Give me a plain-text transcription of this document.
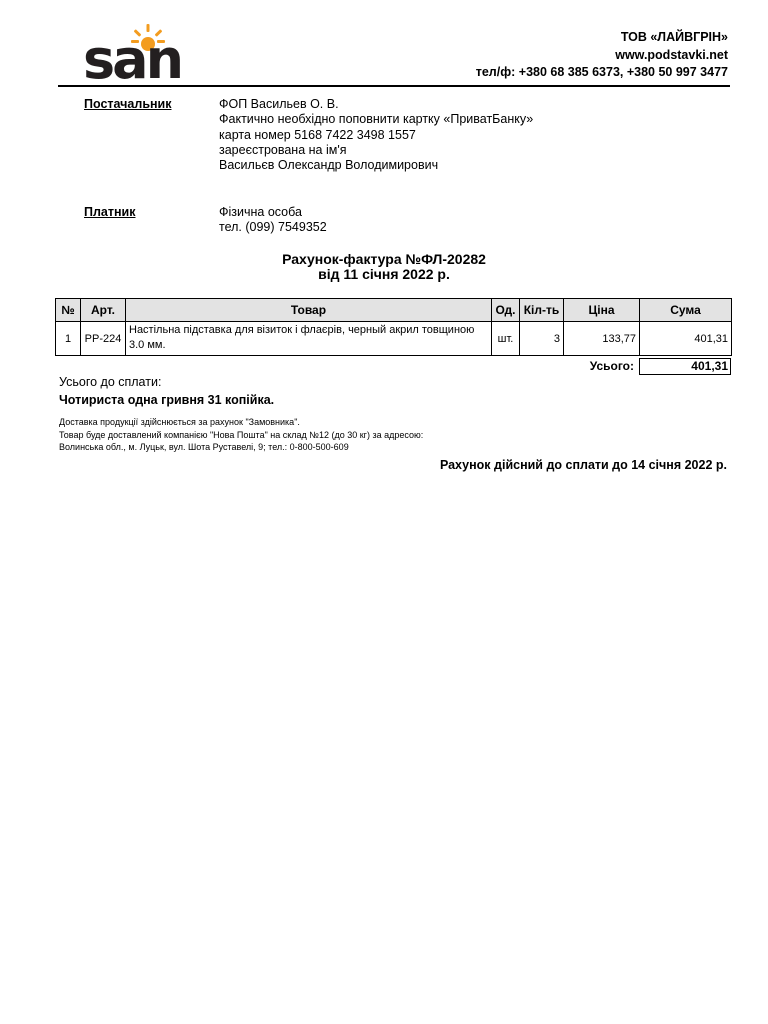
san	ТОВ «ЛАЙВГРІН»
www.podstavki.net
тел/ф: +380 68 385 6373, +380 50 997 3477
Постачальник	ФОП Васильев О. В.
Фактично необхідно поповнити картку «ПриватБанку»
карта номер 5168 7422 3498 1557
зареєстрована на ім'я
Васильєв Олександр Володимирович
Платник	Фізична особа
тел. (099) 7549352
Рахунок-фактура №ФЛ-20282
від 11 січня 2022 р.
№	Арт.	Товар	Од.	Кіл-ть	Ціна	Сума
1	PP-224	Настільна підставка для візиток і флаєрів, черный акрил товщиною 3.0 мм.	шт.	3	133,77	401,31
Усього:	401,31
Усього до сплати:
Чотириста одна гривня 31 копійка.
Доставка продукції здійснюється за рахунок "Замовника".
Товар буде доставлений компанією "Нова Пошта" на склад №12 (до 30 кг) за адресою:
Волинська обл., м. Луцьк, вул. Шота Руставелі, 9; тел.: 0-800-500-609
Рахунок дійсний до сплати до 14 січня 2022 р.
